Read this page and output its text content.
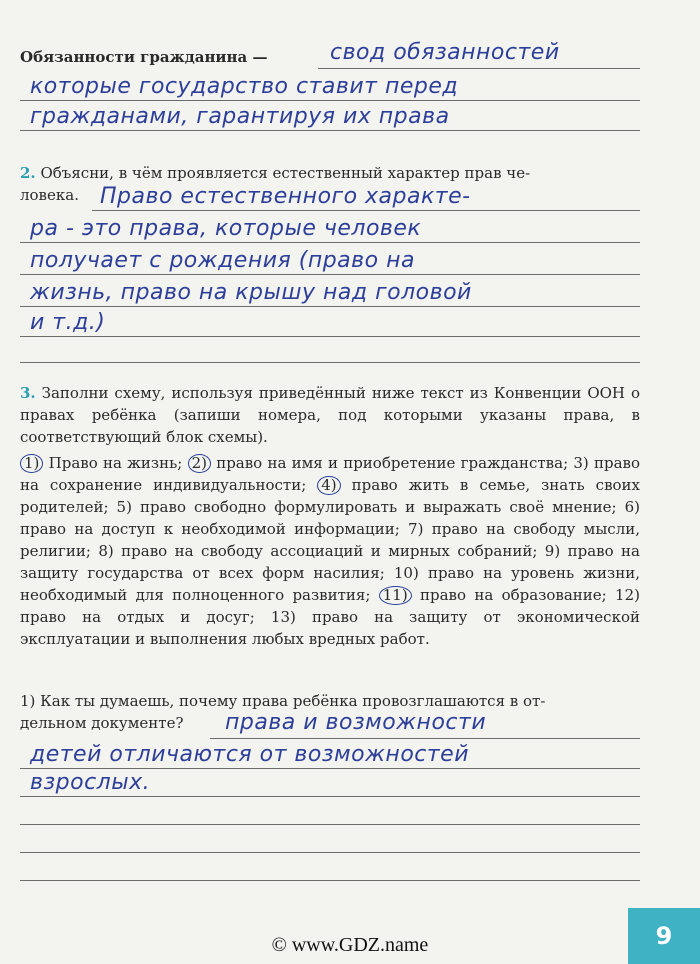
Обязанности гражданина —	свод обязанностей
которые государство ставит перед
гражданами, гарантируя их права
2. Объясни, в чём проявляется естественный характер прав че-
ловека. Право естественного характе-
ра - это права, которые человек
получает с рождения (право на
жизнь, право на крышу над головой
и т.д.)
3. Заполни схему, используя приведённый ниже текст из Конвенции ООН о правах ребёнка (запиши номера, под которыми указаны права, в соответствующий блок схемы).
1) Право на жизнь; 2) право на имя и приобретение гражданства; 3) право на сохранение индивидуальности; 4) право жить в семье, знать своих родителей; 5) право свободно формулировать и выражать своё мнение; 6) право на доступ к необходимой информации; 7) право на свободу мысли, религии; 8) право на свободу ассоциаций и мирных собраний; 9) право на защиту государства от всех форм насилия; 10) право на уровень жизни, необходимый для полноценного развития; 11) право на образование; 12) право на отдых и досуг; 13) право на защиту от экономической эксплуатации и выполнения любых вредных работ.
1) Как ты думаешь, почему права ребёнка провозглашаются в от-
дельном документе?	права и возможности
детей отличаются от возможностей
взрослых.
© www.GDZ.name	9
